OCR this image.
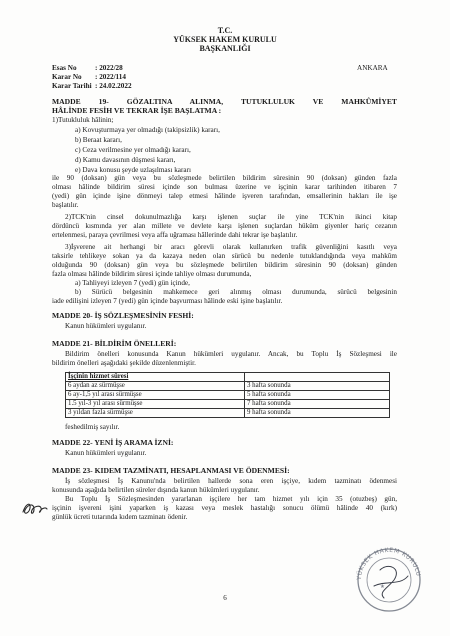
T.C.
YÜKSEK HAKEM KURULU
BAŞKANLIĞI
Esas No	: 2022/28
Karar No : 2022/114
Karar Tarihi : 24.02.2022
ANKARA
MADDE 19- GÖZALTINA ALINMA, TUTUKLULUK VE MAHKÛMİYET
HÂLİNDE FESİH VE TEKRAR İŞE BAŞLATMA :
1)Tutukluluk hâlinin;
a) Kovuşturmaya yer olmadığı (takipsizlik) kararı,
b) Beraat kararı,
c) Ceza verilmesine yer olmadığı kararı,
d) Kamu davasının düşmesi kararı,
e) Dava konusu şeyde uzlaşılması kararı
ile 90 (doksan) gün veya bu sözleşmede belirtilen bildirim süresinin 90 (doksan) günden fazla
olması hâlinde bildirim süresi içinde son bulması üzerine ve işçinin karar tarihinden itibaren 7
(yedi) gün içinde işine dönmeyi talep etmesi hâlinde işveren tarafından, emsallerinin hakları ile işe
başlatılır.
2)TCK'nin cinsel dokunulmazlığa karşı işlenen suçlar ile yine TCK'nin ikinci kitap
dördüncü kısmında yer alan millete ve devlete karşı işlenen suçlardan hüküm giyenler hariç cezanın
ertelenmesi, paraya çevrilmesi veya affa uğraması hâllerinde dahi tekrar işe başlatılır.
3)İşverene ait herhangi bir aracı görevli olarak kullanırken trafik güvenliğini kasıtlı veya
taksirle tehlikeye sokan ya da kazaya neden olan sürücü bu nedenle tutuklandığında veya mahkûm
olduğunda 90 (doksan) gün veya bu sözleşmede belirtilen bildirim süresinin 90 (doksan) günden
fazla olması hâlinde bildirim süresi içinde tahliye olması durumunda,
a) Tahliyeyi izleyen 7 (yedi) gün içinde,
b) Sürücü belgesinin mahkemece geri alınmış olması durumunda, sürücü belgesinin
iade edilişini izleyen 7 (yedi) gün içinde başvurması hâlinde eski işine başlatılır.
MADDE 20- İŞ SÖZLEŞMESİNİN FESHİ:
Kanun hükümleri uygulanır.
MADDE 21- BİLDİRİM ÖNELLERİ:
Bildirim önelleri konusunda Kanun hükümleri uygulanır. Ancak, bu Toplu İş Sözleşmesi ile
bildirim önelleri aşağıdaki şekilde düzenlenmiştir.
İşçinin hizmet süresi	
6 aydan az sürmüşse	3 hafta sonunda
6 ay-1,5 yıl arası sürmüşse	5 hafta sonunda
1.5 yıl-3 yıl arası sürmüşse	7 hafta sonunda
3 yıldan fazla sürmüşse	9 hafta sonunda
feshedilmiş sayılır.
MADDE 22- YENİ İŞ ARAMA İZNİ:
Kanun hükümleri uygulanır.
MADDE 23- KIDEM TAZMİNATI, HESAPLANMASI VE ÖDENMESİ:
İş sözleşmesi İş Kanunu'nda belirtilen hallerde sona eren işçiye, kıdem tazminatı ödenmesi
konusunda aşağıda belirtilen süreler dışında kanun hükümleri uygulanır.
Bu Toplu İş Sözleşmesinden yararlanan işçilere her tam hizmet yılı için 35 (otuzbeş) gün,
işçinin işvereni işini yaparken iş kazası veya meslek hastalığı sonucu ölümü hâlinde 40 (kırk)
günlük ücreti tutarında kıdem tazminatı ödenir.
YÜKSEK HAKEM KURULU
★
6
